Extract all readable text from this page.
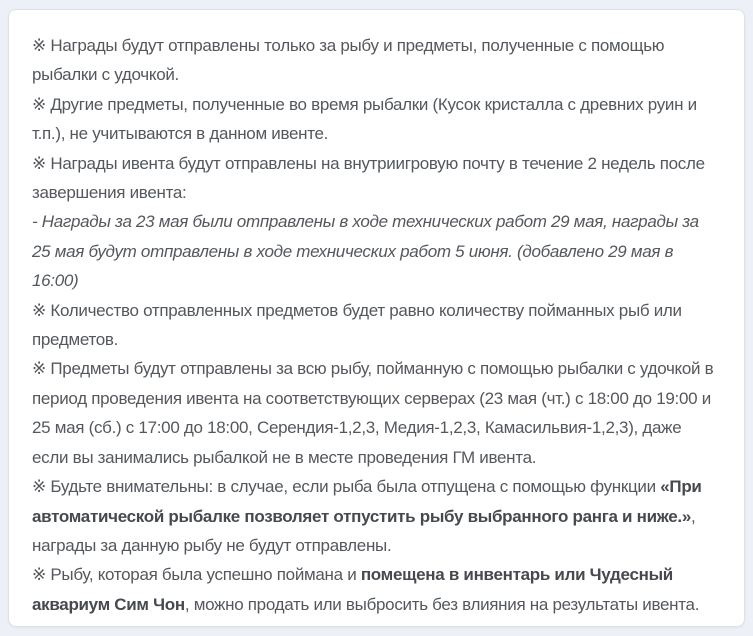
※ Награды будут отправлены только за рыбу и предметы, полученные с помощью рыбалки с удочкой.

※ Другие предметы, полученные во время рыбалки (Кусок кристалла с древних руин и т.п.), не учитываются в данном ивенте.

※ Награды ивента будут отправлены на внутриигровую почту в течение 2 недель после завершения ивента:

- Награды за 23 мая были отправлены в ходе технических работ 29 мая, награды за 25 мая будут отправлены в ходе технических работ 5 июня. (добавлено 29 мая в 16:00)

※ Количество отправленных предметов будет равно количеству пойманных рыб или предметов.

※ Предметы будут отправлены за всю рыбу, пойманную с помощью рыбалки с удочкой в период проведения ивента на соответствующих серверах (23 мая (чт.) с 18:00 до 19:00 и 25 мая (сб.) с 17:00 до 18:00, Серендия-1,2,3, Медия-1,2,3, Камасильвия-1,2,3), даже если вы занимались рыбалкой не в месте проведения ГМ ивента.

※ Будьте внимательны: в случае, если рыба была отпущена с помощью функции «При автоматической рыбалке позволяет отпустить рыбу выбранного ранга и ниже.», награды за данную рыбу не будут отправлены.

※ Рыбу, которая была успешно поймана и помещена в инвентарь или Чудесный аквариум Сим Чон, можно продать или выбросить без влияния на результаты ивента.
